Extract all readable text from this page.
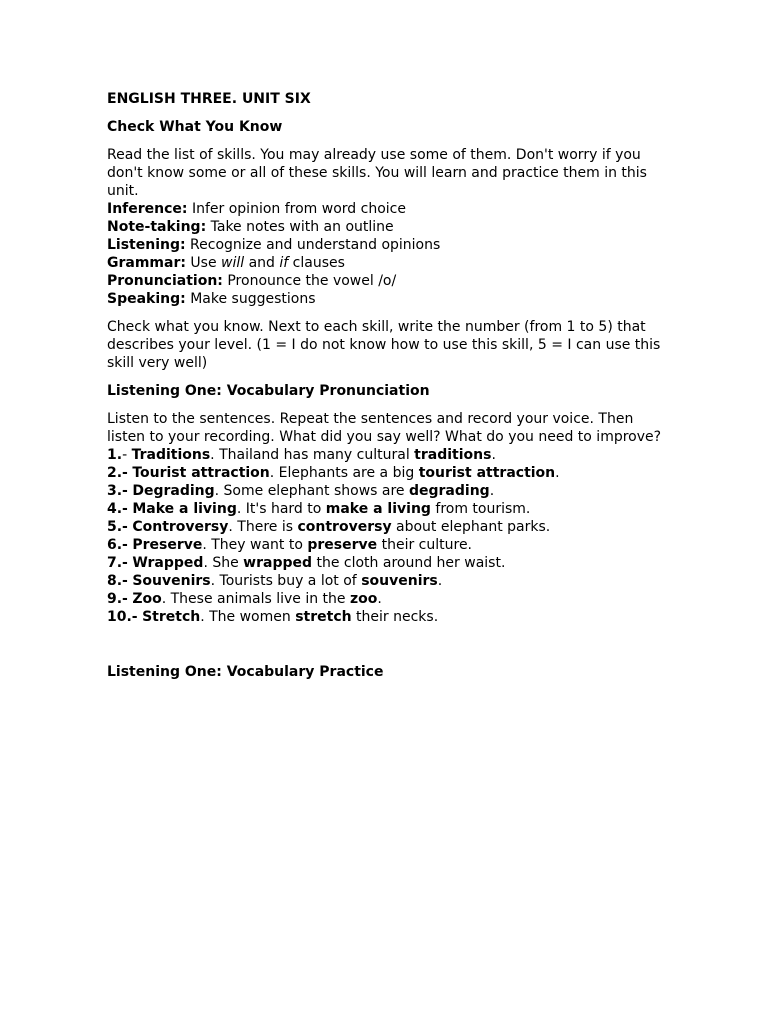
ENGLISH THREE. UNIT SIX

Check What You Know

Read the list of skills. You may already use some of them. Don't worry if you don't know some or all of these skills. You will learn and practice them in this unit.

Inference: Infer opinion from word choice

Note-taking: Take notes with an outline

Listening: Recognize and understand opinions

Grammar: Use will and if clauses

Pronunciation: Pronounce the vowel /o/

Speaking: Make suggestions

Check what you know. Next to each skill, write the number (from 1 to 5) that describes your level. (1 = I do not know how to use this skill, 5 = I can use this skill very well)

Listening One: Vocabulary Pronunciation

Listen to the sentences. Repeat the sentences and record your voice. Then listen to your recording. What did you say well? What do you need to improve?

1.- Traditions. Thailand has many cultural traditions.

2.- Tourist attraction. Elephants are a big tourist attraction.

3.- Degrading. Some elephant shows are degrading.

4.- Make a living. It's hard to make a living from tourism.

5.- Controversy. There is controversy about elephant parks.

6.- Preserve. They want to preserve their culture.

7.- Wrapped. She wrapped the cloth around her waist.

8.- Souvenirs. Tourists buy a lot of souvenirs.

9.- Zoo. These animals live in the zoo.

10.- Stretch. The women stretch their necks.

Listening One: Vocabulary Practice
